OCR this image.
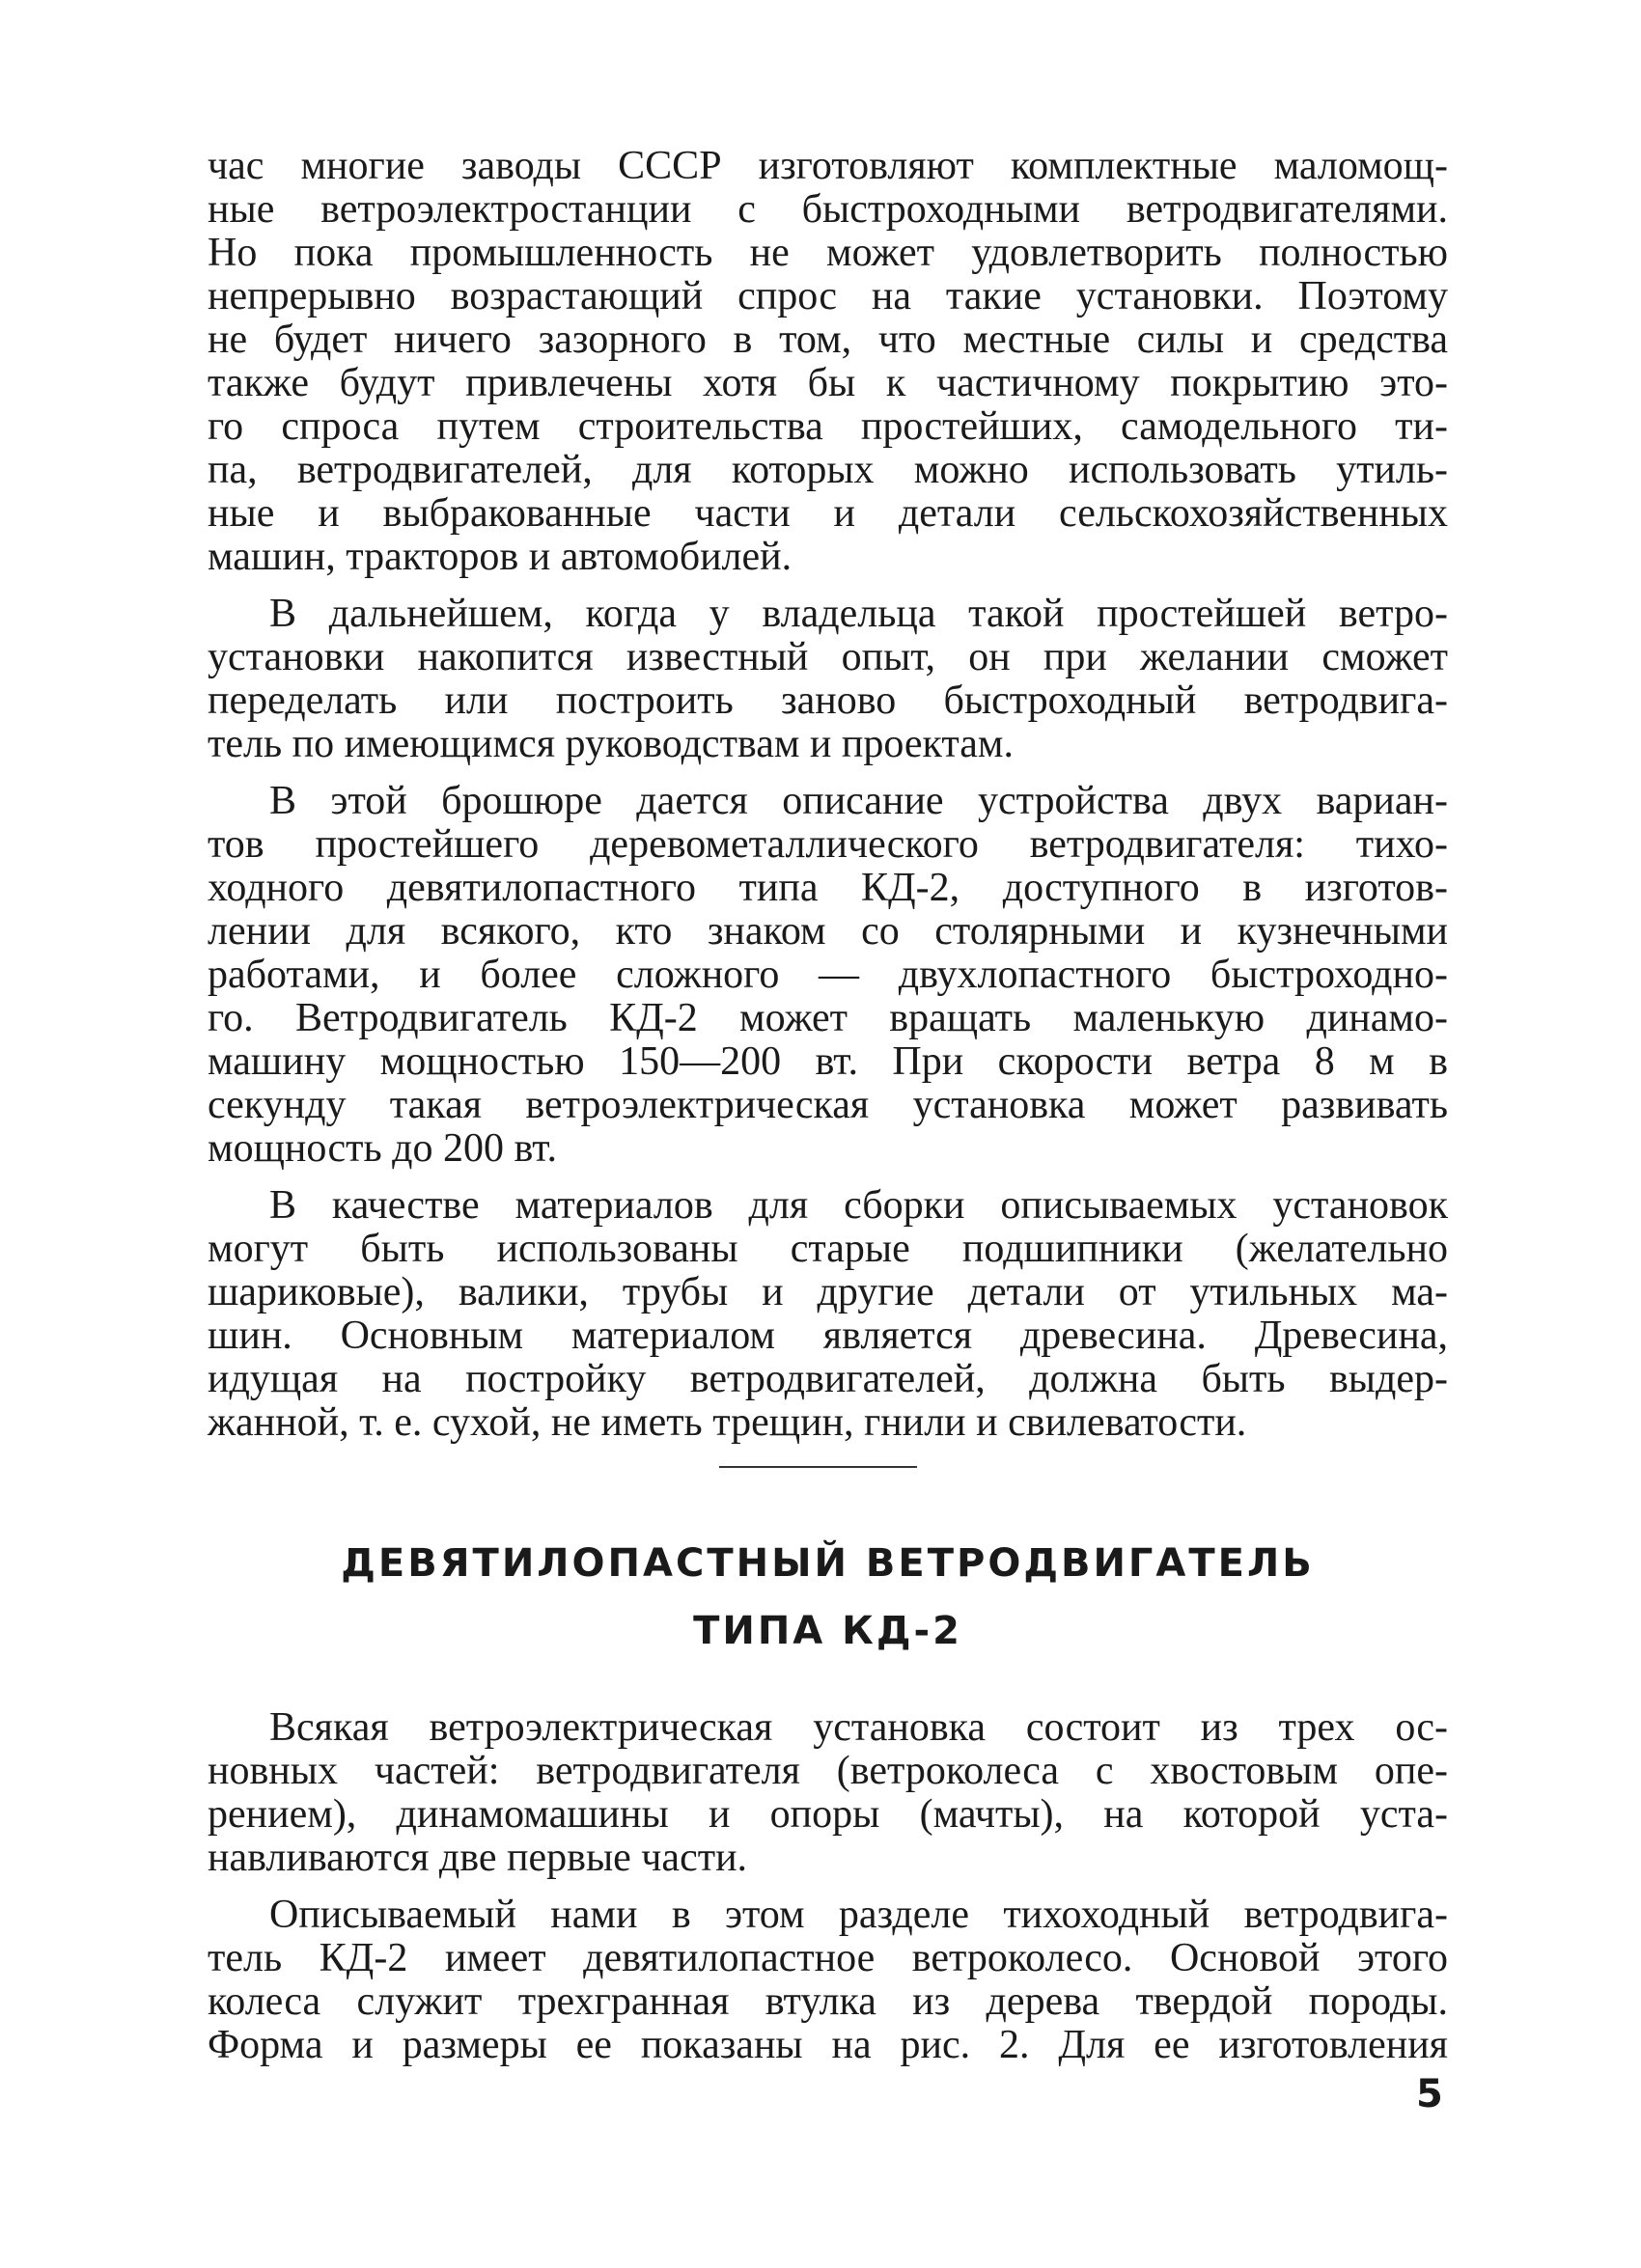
час многие заводы СССР изготовляют комплектные маломощ-

ные ветроэлектростанции с быстроходными ветродвигателями.

Но пока промышленность не может удовлетворить полностью

непрерывно возрастающий спрос на такие установки. Поэтому

не будет ничего зазорного в том, что местные силы и средства

также будут привлечены хотя бы к частичному покрытию это-

го спроса путем строительства простейших, самодельного ти-

па, ветродвигателей, для которых можно использовать утиль-

ные и выбракованные части и детали сельскохозяйственных

машин, тракторов и автомобилей.

В дальнейшем, когда у владельца такой простейшей ветро-

установки накопится известный опыт, он при желании сможет

переделать или построить заново быстроходный ветродвига-

тель по имеющимся руководствам и проектам.

В этой брошюре дается описание устройства двух вариан-

тов простейшего деревометаллического ветродвигателя: тихо-

ходного девятилопастного типа КД-2, доступного в изготов-

лении для всякого, кто знаком со столярными и кузнечными

работами, и более сложного — двухлопастного быстроходно-

го. Ветродвигатель КД-2 может вращать маленькую динамо-

машину мощностью 150—200 вт. При скорости ветра 8 м в

секунду такая ветроэлектрическая установка может развивать

мощность до 200 вт.

В качестве материалов для сборки описываемых установок

могут быть использованы старые подшипники (желательно

шариковые), валики, трубы и другие детали от утильных ма-

шин. Основным материалом является древесина. Древесина,

идущая на постройку ветродвигателей, должна быть выдер-

жанной, т. е. сухой, не иметь трещин, гнили и свилеватости.

ДЕВЯТИЛОПАСТНЫЙ ВЕТРОДВИГАТЕЛЬ
ТИПА КД-2

Всякая ветроэлектрическая установка состоит из трех ос-

новных частей: ветродвигателя (ветроколеса с хвостовым опе-

рением), динамомашины и опоры (мачты), на которой уста-

навливаются две первые части.

Описываемый нами в этом разделе тихоходный ветродвига-

тель КД-2 имеет девятилопастное ветроколесо. Основой этого

колеса служит трехгранная втулка из дерева твердой породы.

Форма и размеры ее показаны на рис. 2. Для ее изготовления

5
